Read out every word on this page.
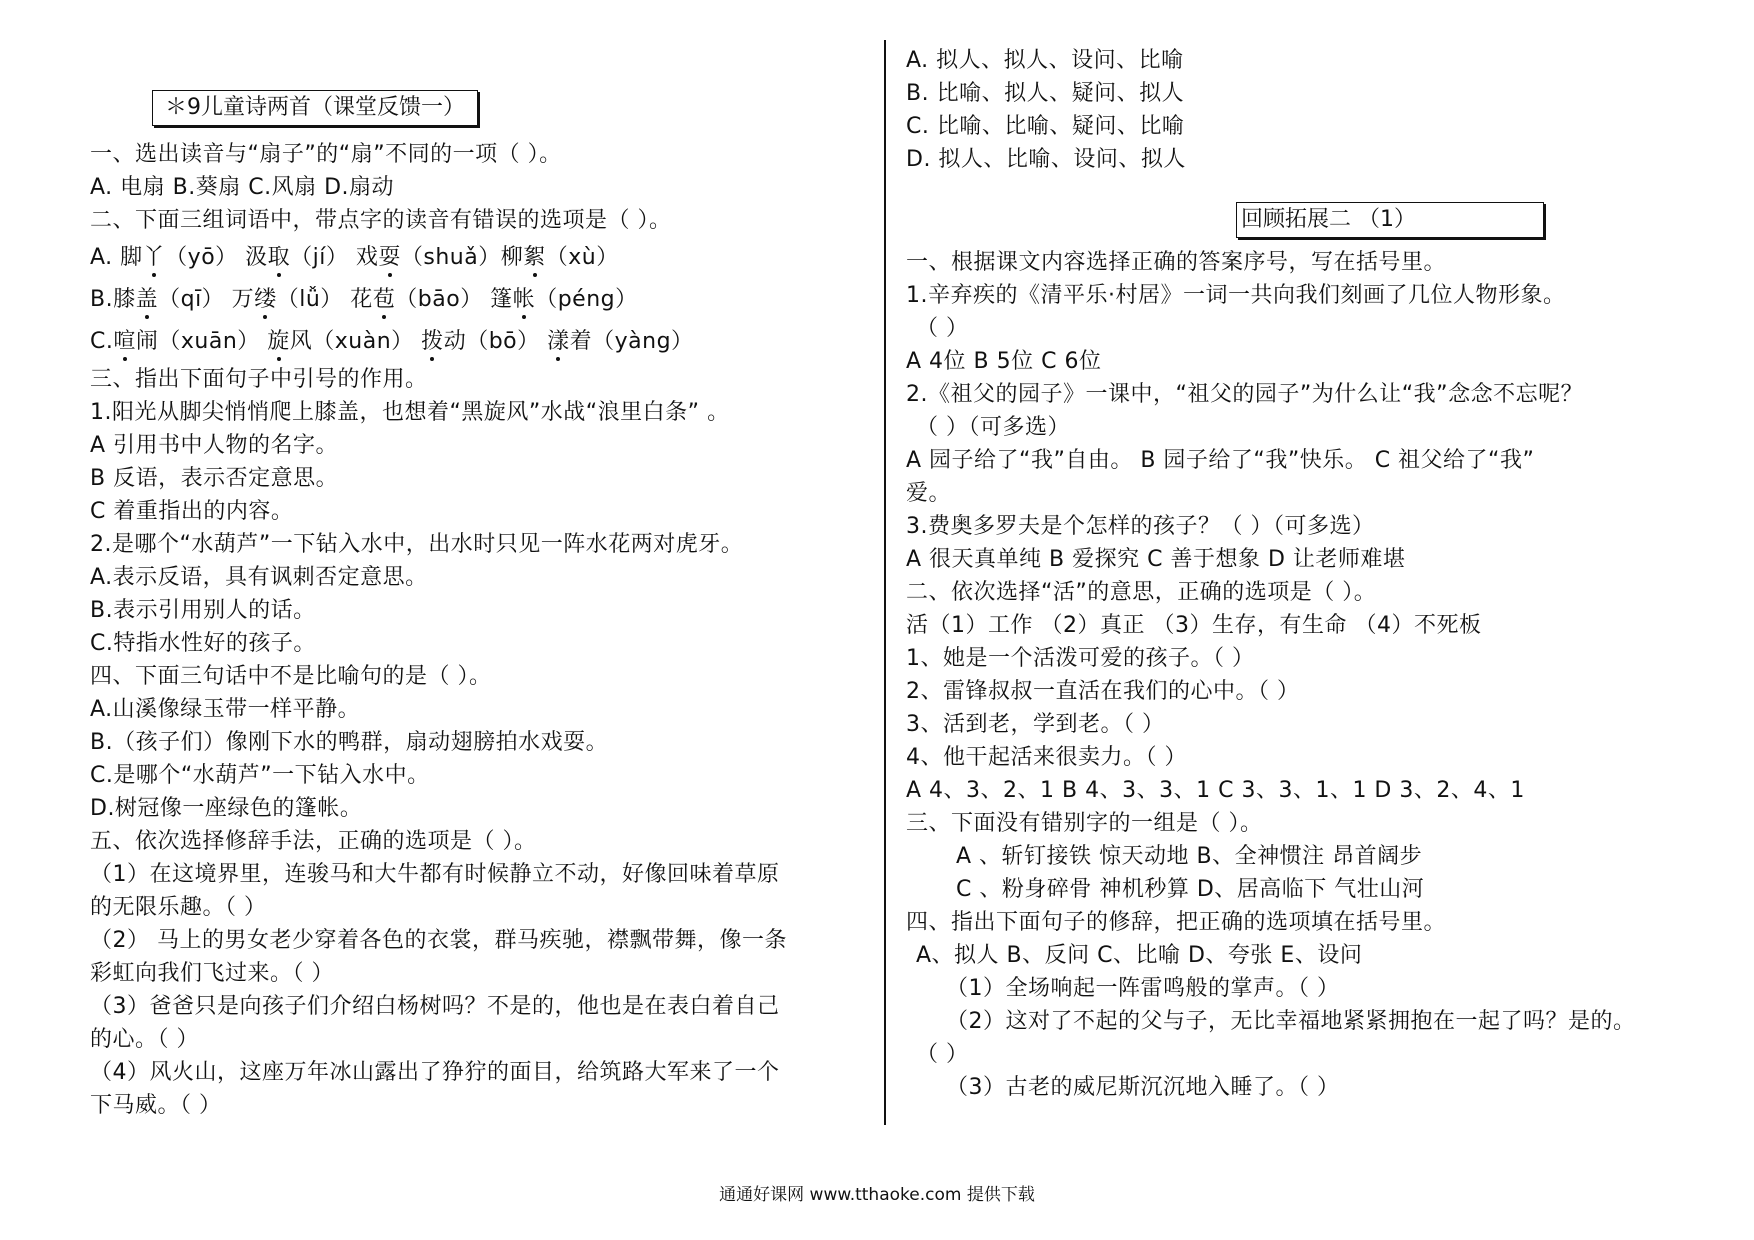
＊9儿童诗两首（课堂反馈一）
一、选出读音与“扇子”的“扇”不同的一项（ ）。
A. 电扇 B.葵扇 C.风扇 D.扇动
二、下面三组词语中，带点字的读音有错误的选项是（ ）。
A. 脚丫（yō） 汲取（jí） 戏耍（shuǎ）柳絮（xù）
B.膝盖（qī） 万缕（lǚ） 花苞（bāo） 篷帐（péng）
C.喧闹（xuān） 旋风（xuàn） 拨动（bō） 漾着（yàng）
三、指出下面句子中引号的作用。
1.阳光从脚尖悄悄爬上膝盖，也想着“黑旋风”水战“浪里白条” 。
A 引用书中人物的名字。
B 反语，表示否定意思。
C 着重指出的内容。
2.是哪个“水葫芦”一下钻入水中，出水时只见一阵水花两对虎牙。
A.表示反语，具有讽刺否定意思。
B.表示引用别人的话。
C.特指水性好的孩子。
四、下面三句话中不是比喻句的是（ ）。
A.山溪像绿玉带一样平静。
B.（孩子们）像刚下水的鸭群，扇动翅膀拍水戏耍。
C.是哪个“水葫芦”一下钻入水中。
D.树冠像一座绿色的篷帐。
五、依次选择修辞手法，正确的选项是（ ）。
（1）在这境界里，连骏马和大牛都有时候静立不动，好像回味着草原
的无限乐趣。（ ）
（2） 马上的男女老少穿着各色的衣裳，群马疾驰，襟飘带舞，像一条
彩虹向我们飞过来。（ ）
（3）爸爸只是向孩子们介绍白杨树吗？不是的，他也是在表白着自己
的心。（ ）
（4）风火山，这座万年冰山露出了狰狞的面目，给筑路大军来了一个
下马威。（ ）
A. 拟人、拟人、设问、比喻
B. 比喻、拟人、疑问、拟人
C. 比喻、比喻、疑问、比喻
D. 拟人、比喻、设问、拟人
回顾拓展二 （1）
一、根据课文内容选择正确的答案序号，写在括号里。
1.辛弃疾的《清平乐·村居》一词一共向我们刻画了几位人物形象。
（ ）
A 4位 B 5位 C 6位
2.《祖父的园子》一课中，“祖父的园子”为什么让“我”念念不忘呢？
（ ）（可多选）
A 园子给了“我”自由。 B 园子给了“我”快乐。 C 祖父给了“我”
爱。
3.费奥多罗夫是个怎样的孩子？（ ）（可多选）
A 很天真单纯 B 爱探究 C 善于想象 D 让老师难堪
二、依次选择“活”的意思，正确的选项是（ ）。
活（1）工作 （2）真正 （3）生存，有生命 （4）不死板
1、她是一个活泼可爱的孩子。（ ）
2、雷锋叔叔一直活在我们的心中。（ ）
3、活到老，学到老。（ ）
4、他干起活来很卖力。（ ）
A 4、3、2、1 B 4、3、3、1 C 3、3、1、1 D 3、2、4、1
三、下面没有错别字的一组是（ ）。
A 、斩钉接铁 惊天动地 B、全神惯注 昂首阔步
C 、粉身碎骨 神机秒算 D、居高临下 气壮山河
四、指出下面句子的修辞，把正确的选项填在括号里。
A、拟人 B、反问 C、比喻 D、夸张 E、设问
（1）全场响起一阵雷鸣般的掌声。（ ）
（2）这对了不起的父与子，无比幸福地紧紧拥抱在一起了吗？是的。
（ ）
（3）古老的威尼斯沉沉地入睡了。（ ）
通通好课网 www.tthaoke.com 提供下载
